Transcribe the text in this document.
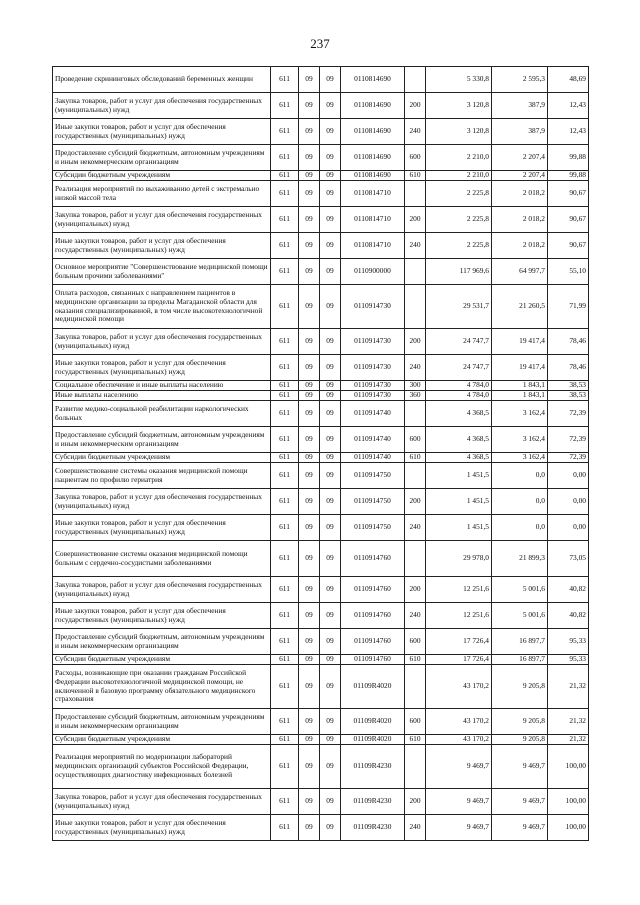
237
Проведение скрининговых обследований беременных женщин	611	09	09	0110814690		5 330,8	2 595,3	48,69
Закупка товаров, работ и услуг для обеспечения государственных (муниципальных) нужд	611	09	09	0110814690	200	3 120,8	387,9	12,43
Иные закупки товаров, работ и услуг для обеспечения государственных (муниципальных) нужд	611	09	09	0110814690	240	3 120,8	387,9	12,43
Предоставление субсидий бюджетным, автономным учреждениям и иным некоммерческим организациям	611	09	09	0110814690	600	2 210,0	2 207,4	99,88
Субсидии бюджетным учреждениям	611	09	09	0110814690	610	2 210,0	2 207,4	99,88
Реализация мероприятий по выхаживанию детей с экстремально низкой массой тела	611	09	09	0110814710		2 225,8	2 018,2	90,67
Закупка товаров, работ и услуг для обеспечения государственных (муниципальных) нужд	611	09	09	0110814710	200	2 225,8	2 018,2	90,67
Иные закупки товаров, работ и услуг для обеспечения государственных (муниципальных) нужд	611	09	09	0110814710	240	2 225,8	2 018,2	90,67
Основное мероприятие "Совершенствование медицинской помощи больным прочими заболеваниями"	611	09	09	0110900000		117 969,6	64 997,7	55,10
Оплата расходов, связанных с направлением пациентов в медицинские организации за пределы Магаданской области для оказания специализированной, в том числе высокотехнологичной медицинской помощи	611	09	09	0110914730		29 531,7	21 260,5	71,99
Закупка товаров, работ и услуг для обеспечения государственных (муниципальных) нужд	611	09	09	0110914730	200	24 747,7	19 417,4	78,46
Иные закупки товаров, работ и услуг для обеспечения государственных (муниципальных) нужд	611	09	09	0110914730	240	24 747,7	19 417,4	78,46
Социальное обеспечение и иные выплаты населению	611	09	09	0110914730	300	4 784,0	1 843,1	38,53
Иные выплаты населению	611	09	09	0110914730	360	4 784,0	1 843,1	38,53
Развитие медико-социальной реабилитации наркологических больных	611	09	09	0110914740		4 368,5	3 162,4	72,39
Предоставление субсидий бюджетным, автономным учреждениям и иным некоммерческим организациям	611	09	09	0110914740	600	4 368,5	3 162,4	72,39
Субсидии бюджетным учреждениям	611	09	09	0110914740	610	4 368,5	3 162,4	72,39
Совершенствование системы оказания медицинской помощи пациентам по профилю гериатрия	611	09	09	0110914750		1 451,5	0,0	0,00
Закупка товаров, работ и услуг для обеспечения государственных (муниципальных) нужд	611	09	09	0110914750	200	1 451,5	0,0	0,00
Иные закупки товаров, работ и услуг для обеспечения государственных (муниципальных) нужд	611	09	09	0110914750	240	1 451,5	0,0	0,00
Совершенствование системы оказания медицинской помощи больным с сердечно-сосудистыми заболеваниями	611	09	09	0110914760		29 978,0	21 899,3	73,05
Закупка товаров, работ и услуг для обеспечения государственных (муниципальных) нужд	611	09	09	0110914760	200	12 251,6	5 001,6	40,82
Иные закупки товаров, работ и услуг для обеспечения государственных (муниципальных) нужд	611	09	09	0110914760	240	12 251,6	5 001,6	40,82
Предоставление субсидий бюджетным, автономным учреждениям и иным некоммерческим организациям	611	09	09	0110914760	600	17 726,4	16 897,7	95,33
Субсидии бюджетным учреждениям	611	09	09	0110914760	610	17 726,4	16 897,7	95,33
Расходы, возникающие при оказании гражданам Российской Федерации высокотехнологичной медицинской помощи, не включенной в базовую программу обязательного медицинского страхования	611	09	09	01109R4020		43 170,2	9 205,8	21,32
Предоставление субсидий бюджетным, автономным учреждениям и иным некоммерческим организациям	611	09	09	01109R4020	600	43 170,2	9 205,8	21,32
Субсидии бюджетным учреждениям	611	09	09	01109R4020	610	43 170,2	9 205,8	21,32
Реализация мероприятий по модернизации лабораторий медицинских организаций субъектов Российской Федерации, осуществляющих диагностику инфекционных болезней	611	09	09	01109R4230		9 469,7	9 469,7	100,00
Закупка товаров, работ и услуг для обеспечения государственных (муниципальных) нужд	611	09	09	01109R4230	200	9 469,7	9 469,7	100,00
Иные закупки товаров, работ и услуг для обеспечения государственных (муниципальных) нужд	611	09	09	01109R4230	240	9 469,7	9 469,7	100,00
